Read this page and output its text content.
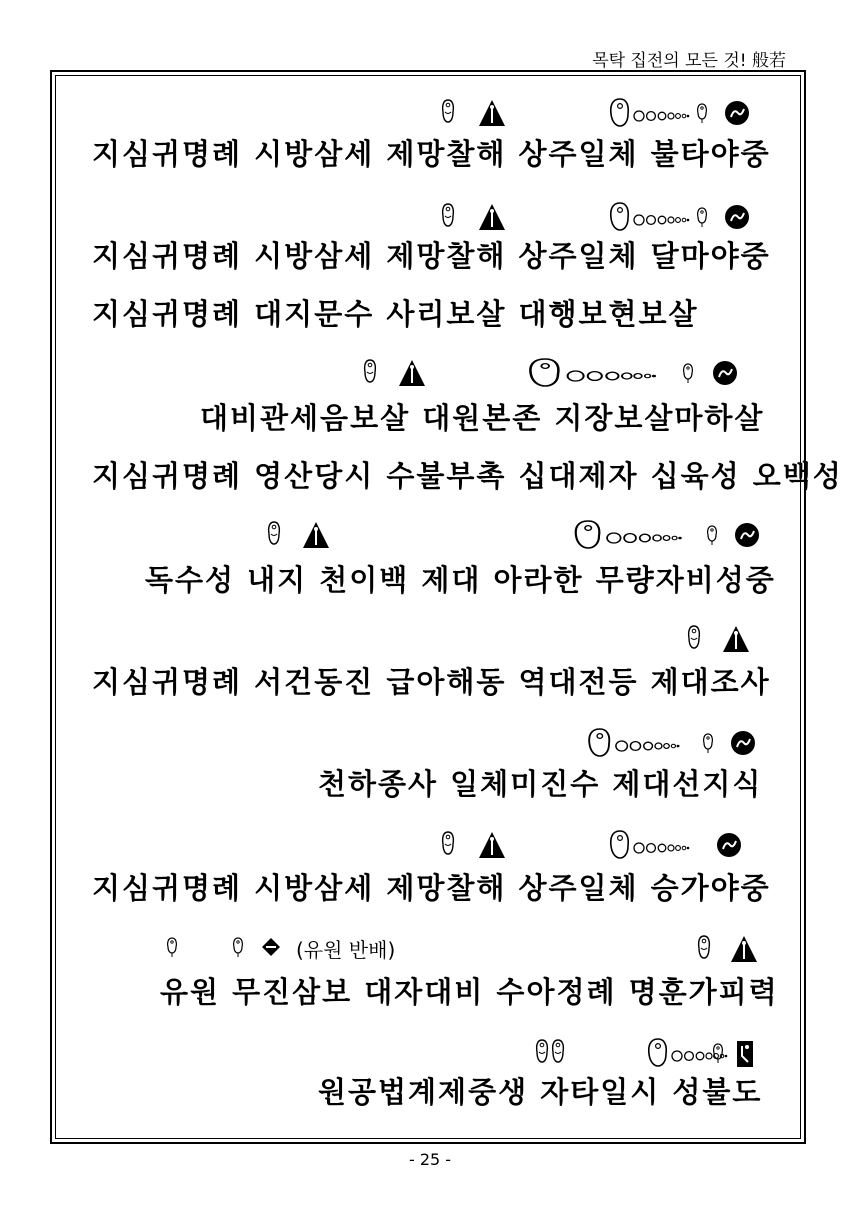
목탁 집전의 모든 것! 般若
지심귀명례 시방삼세 제망찰해 상주일체 불타야중
지심귀명례 시방삼세 제망찰해 상주일체 달마야중
지심귀명례 대지문수 사리보살 대행보현보살
대비관세음보살 대원본존 지장보살마하살
지심귀명례 영산당시 수불부촉 십대제자 십육성 오백성
독수성 내지 천이백 제대 아라한 무량자비성중
지심귀명례 서건동진 급아해동 역대전등 제대조사
천하종사 일체미진수 제대선지식
지심귀명례 시방삼세 제망찰해 상주일체 승가야중
(유원 반배)
유원 무진삼보 대자대비 수아정례 명훈가피력
원공법계제중생 자타일시 성불도
- 25 -
